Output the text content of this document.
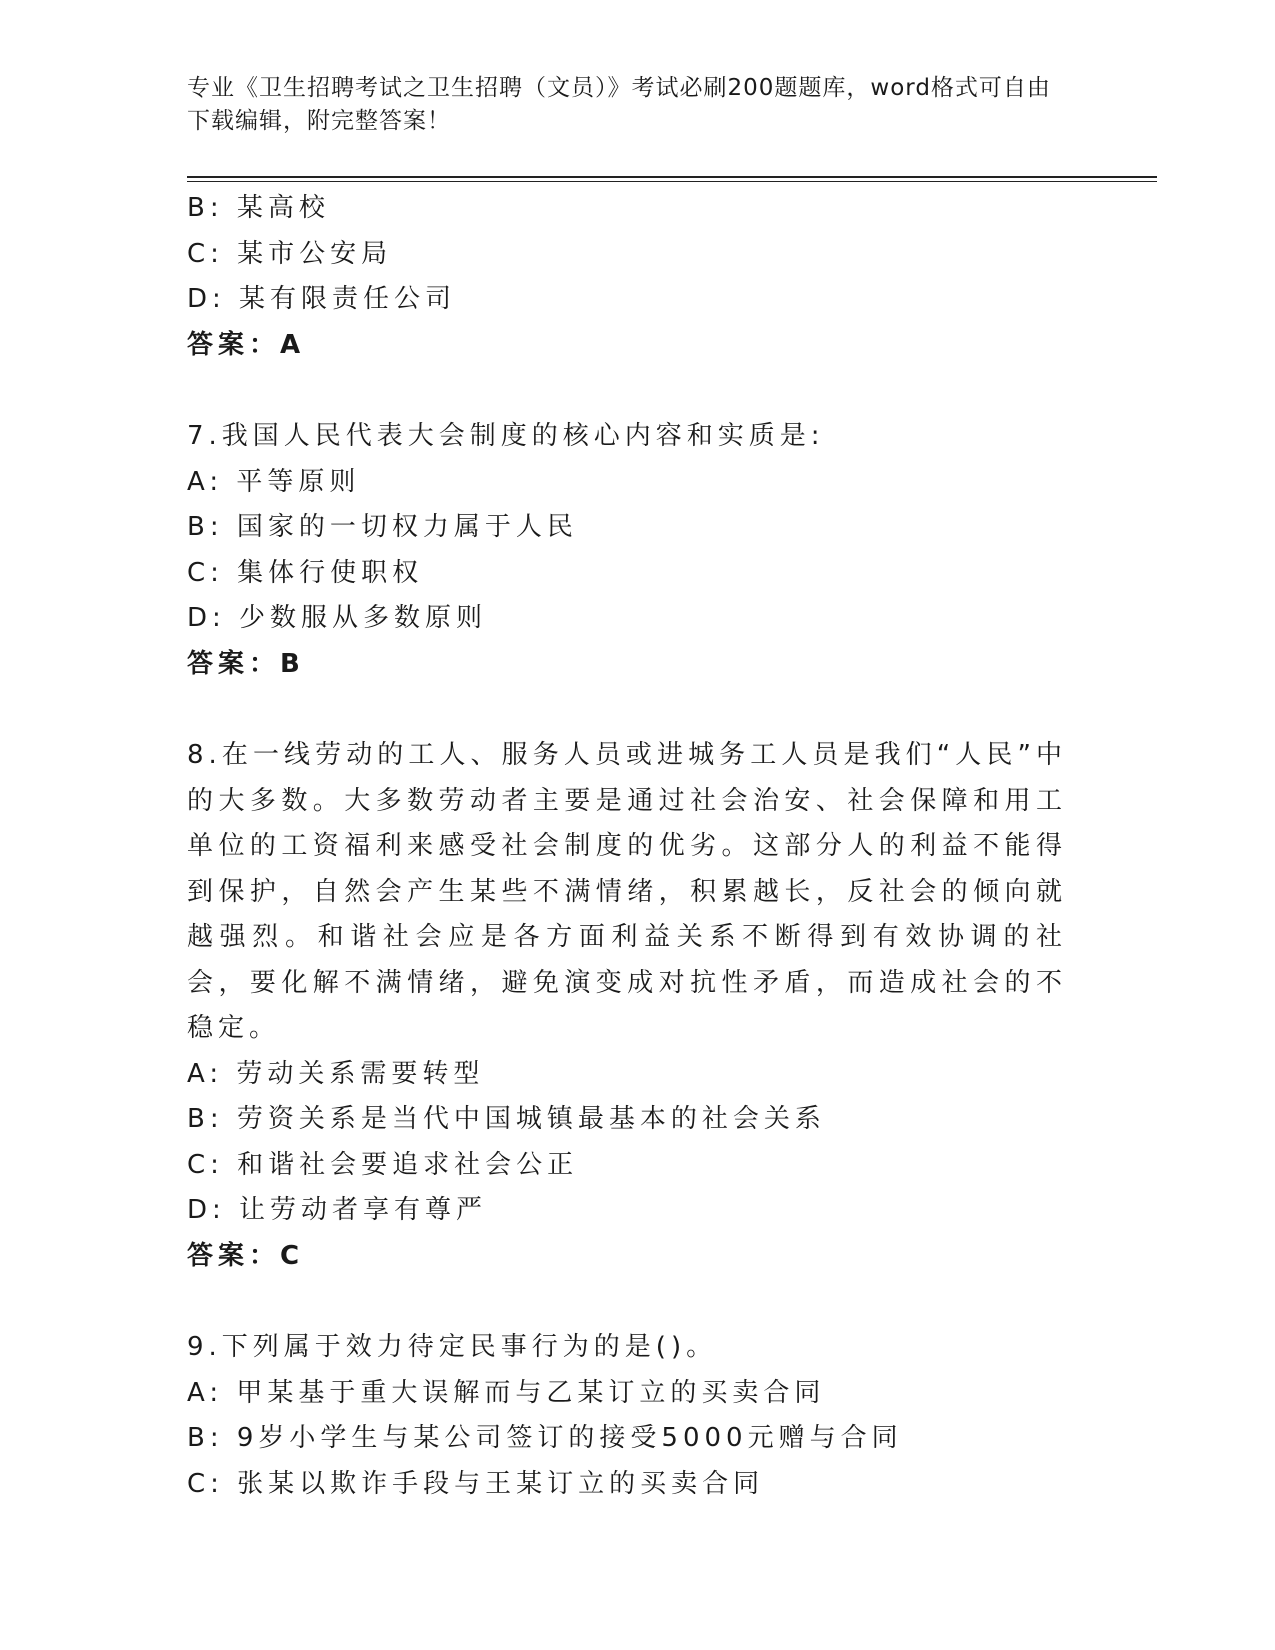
专业《卫生招聘考试之卫生招聘（文员）》考试必刷200题题库，word格式可自由下载编辑，附完整答案！
B: 某高校
C: 某市公安局
D: 某有限责任公司
答案：A
7.我国人民代表大会制度的核心内容和实质是:
A: 平等原则
B: 国家的一切权力属于人民
C: 集体行使职权
D: 少数服从多数原则
答案：B
8.在一线劳动的工人、服务人员或进城务工人员是我们“人民”中的大多数。大多数劳动者主要是通过社会治安、社会保障和用工单位的工资福利来感受社会制度的优劣。这部分人的利益不能得到保护，自然会产生某些不满情绪，积累越长，反社会的倾向就越强烈。和谐社会应是各方面利益关系不断得到有效协调的社会，要化解不满情绪，避免演变成对抗性矛盾，而造成社会的不稳定。
A: 劳动关系需要转型
B: 劳资关系是当代中国城镇最基本的社会关系
C: 和谐社会要追求社会公正
D: 让劳动者享有尊严
答案：C
9.下列属于效力待定民事行为的是()。
A: 甲某基于重大误解而与乙某订立的买卖合同
B: 9岁小学生与某公司签订的接受5000元赠与合同
C: 张某以欺诈手段与王某订立的买卖合同
